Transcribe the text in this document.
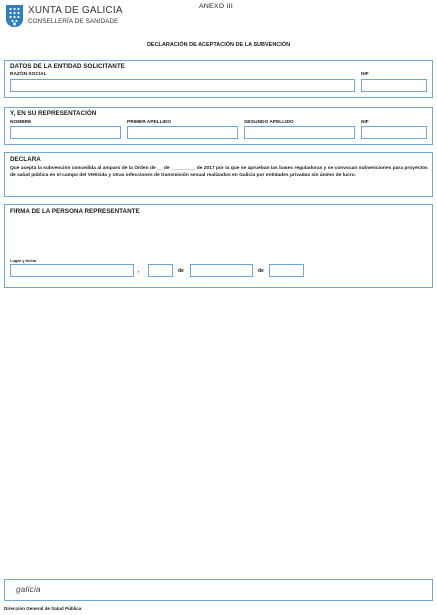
XUNTA DE GALICIA
CONSELLERÍA DE SANIDADE
ANEXO III
DECLARACIÓN DE ACEPTACIÓN DE LA SUBVENCIÓN
DATOS DE LA ENTIDAD SOLICITANTE
RAZÓN SOCIAL	NIF
Y, EN SU REPRESENTACIÓN
NOMBRE	PRIMER APELLIDO	SEGUNDO APELLIDO	NIF
DECLARA
Que acepta la subvención concedida al amparo de la Orden de __ de _________ de 2017 por la que se aprueban las bases reguladoras y se convocan subvenciones para proyectos de salud pública en el campo del VIH/sida y otras infecciones de transmisión sexual realizados en Galicia por entidades privadas sin ánimo de lucro.
FIRMA DE LA PERSONA REPRESENTANTE
Lugar y fecha
,	de	de
galicia
Dirección General de Salud Pública
